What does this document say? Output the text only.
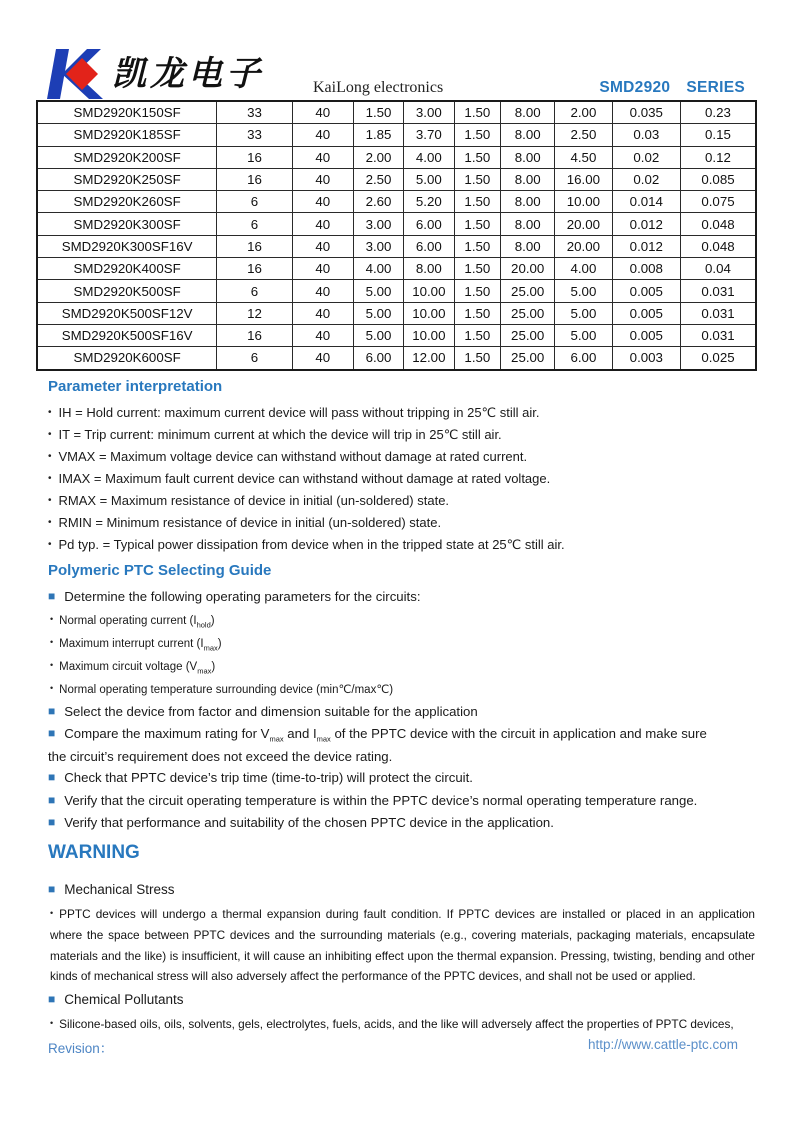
凯龙电子	KaiLong electronics	SMD2920 SERIES
SMD2920K150SF	33	40	1.50	3.00	1.50	8.00	2.00	0.035	0.23
SMD2920K185SF	33	40	1.85	3.70	1.50	8.00	2.50	0.03	0.15
SMD2920K200SF	16	40	2.00	4.00	1.50	8.00	4.50	0.02	0.12
SMD2920K250SF	16	40	2.50	5.00	1.50	8.00	16.00	0.02	0.085
SMD2920K260SF	6	40	2.60	5.20	1.50	8.00	10.00	0.014	0.075
SMD2920K300SF	6	40	3.00	6.00	1.50	8.00	20.00	0.012	0.048
SMD2920K300SF16V	16	40	3.00	6.00	1.50	8.00	20.00	0.012	0.048
SMD2920K400SF	16	40	4.00	8.00	1.50	20.00	4.00	0.008	0.04
SMD2920K500SF	6	40	5.00	10.00	1.50	25.00	5.00	0.005	0.031
SMD2920K500SF12V	12	40	5.00	10.00	1.50	25.00	5.00	0.005	0.031
SMD2920K500SF16V	16	40	5.00	10.00	1.50	25.00	5.00	0.005	0.031
SMD2920K600SF	6	40	6.00	12.00	1.50	25.00	6.00	0.003	0.025
Parameter interpretation
• IH = Hold current: maximum current device will pass without tripping in 25℃ still air.
• IT = Trip current: minimum current at which the device will trip in 25℃ still air.
• VMAX = Maximum voltage device can withstand without damage at rated current.
• IMAX = Maximum fault current device can withstand without damage at rated voltage.
• RMAX = Maximum resistance of device in initial (un-soldered) state.
• RMIN = Minimum resistance of device in initial (un-soldered) state.
• Pd typ. = Typical power dissipation from device when in the tripped state at 25℃ still air.
Polymeric PTC Selecting Guide
■ Determine the following operating parameters for the circuits:
• Normal operating current $(I_{hold})$
• Maximum interrupt current $(I_{max})$
• Maximum circuit voltage $(V_{max})$
• Normal operating temperature surrounding device (min℃/max℃)
■ Select the device from factor and dimension suitable for the application
■ Compare the maximum rating for $V_{max}$ and $I_{max}$ of the PPTC device with the circuit in application and make sure
the circuit’s requirement does not exceed the device rating.
■ Check that PPTC device’s trip time (time-to-trip) will protect the circuit.
■ Verify that the circuit operating temperature is within the PPTC device’s normal operating temperature range.
■ Verify that performance and suitability of the chosen PPTC device in the application.
WARNING
■ Mechanical Stress
• PPTC devices will undergo a thermal expansion during fault condition. If PPTC devices are installed or placed in an application where the space between PPTC devices and the surrounding materials (e.g., covering materials, packaging materials, encapsulate materials and the like) is insufficient, it will cause an inhibiting effect upon the thermal expansion. Pressing, twisting, bending and other kinds of mechanical stress will also adversely affect the performance of the PPTC devices, and shall not be used or applied.
■ Chemical Pollutants
• Silicone-based oils, oils, solvents, gels, electrolytes, fuels, acids, and the like will adversely affect the properties of PPTC devices,
Revision：	http://www.cattle-ptc.com
